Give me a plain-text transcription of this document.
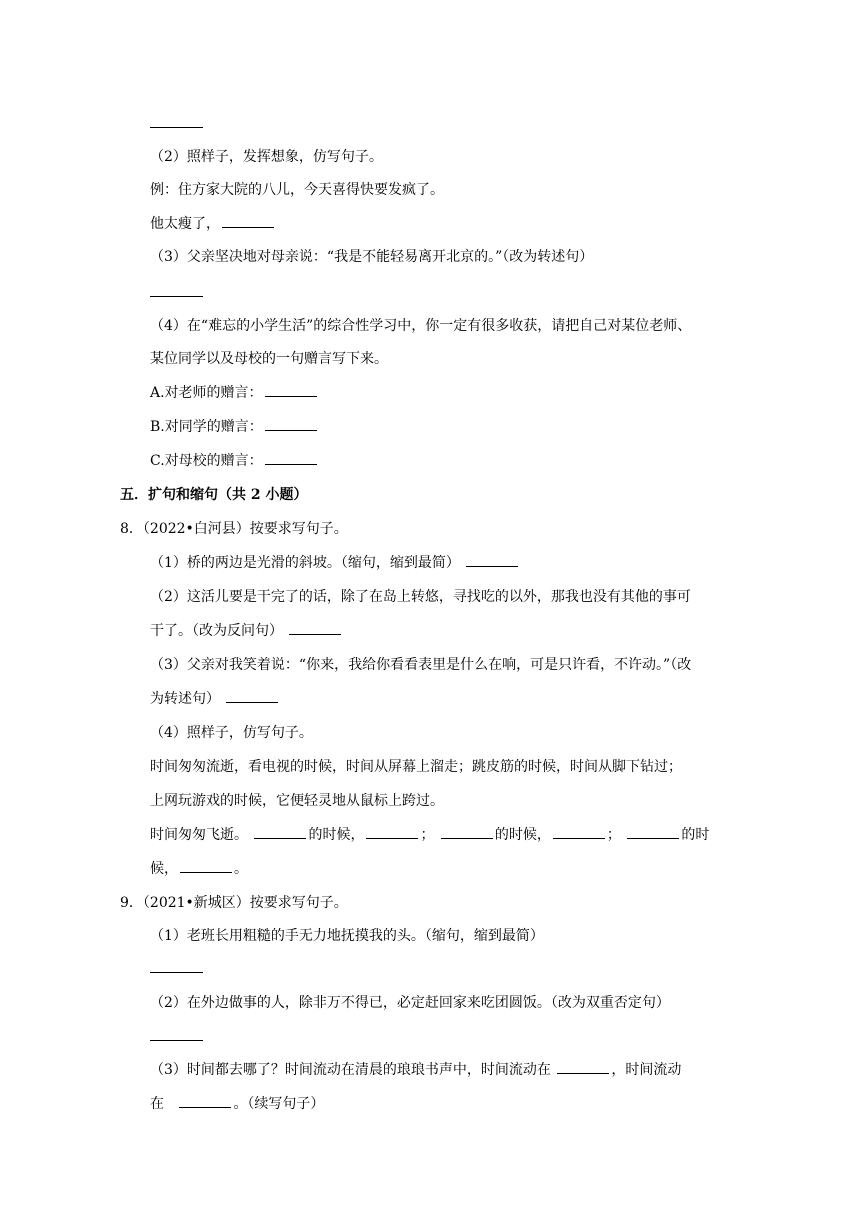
（2）照样子，发挥想象，仿写句子。
例：住方家大院的八儿，今天喜得快要发疯了。
他太瘦了，
（3）父亲坚决地对母亲说：“我是不能轻易离开北京的。”（改为转述句）
（4）在“难忘的小学生活”的综合性学习中，你一定有很多收获，请把自己对某位老师、
某位同学以及母校的一句赠言写下来。
A.对老师的赠言：
B.对同学的赠言：
C.对母校的赠言：
五．扩句和缩句（共 2 小题）
8．（2022•白河县）按要求写句子。
（1）桥的两边是光滑的斜坡。（缩句，缩到最简）
（2）这活儿要是干完了的话，除了在岛上转悠，寻找吃的以外，那我也没有其他的事可
干了。（改为反问句）
（3）父亲对我笑着说：“你来，我给你看看表里是什么在响，可是只许看，不许动。”（改
为转述句）
（4）照样子，仿写句子。
时间匆匆流逝，看电视的时候，时间从屏幕上溜走；跳皮筋的时候，时间从脚下钻过；
上网玩游戏的时候，它便轻灵地从鼠标上跨过。
时间匆匆飞逝。	的时候，	；	的时候，	；	的时
候，	。
9．（2021•新城区）按要求写句子。
（1）老班长用粗糙的手无力地抚摸我的头。（缩句，缩到最简）
（2）在外边做事的人，除非万不得已，必定赶回家来吃团圆饭。（改为双重否定句）
（3）时间都去哪了？时间流动在清晨的琅琅书声中，时间流动在	，时间流动
在	。（续写句子）
